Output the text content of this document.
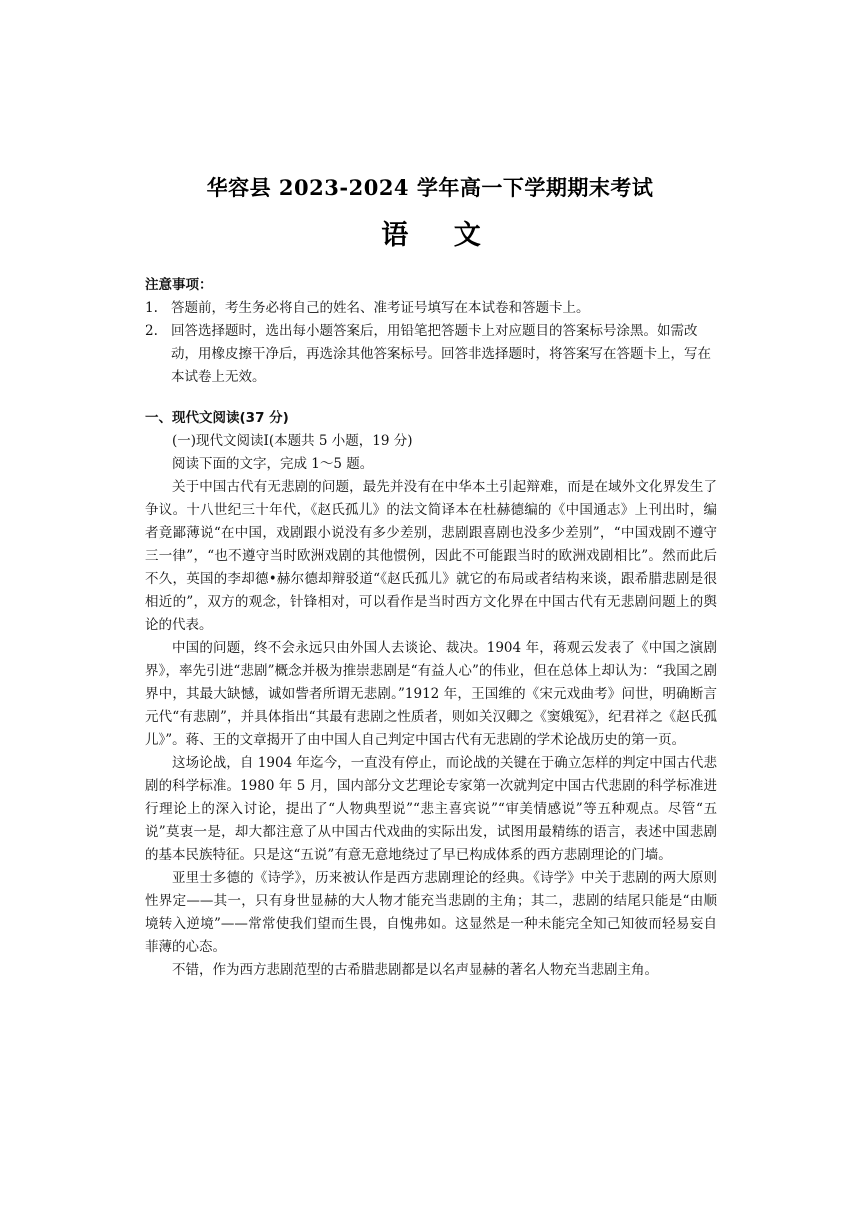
华容县 2023-2024 学年高一下学期期末考试
语 文

注意事项：

1. 答题前，考生务必将自己的姓名、准考证号填写在本试卷和答题卡上。
2. 回答选择题时，选出每小题答案后，用铅笔把答题卡上对应题目的答案标号涂黑。如需改动，用橡皮擦干净后，再选涂其他答案标号。回答非选择题时，将答案写在答题卡上，写在本试卷上无效。
一、现代文阅读(37 分)
(一)现代文阅读Ⅰ(本题共 5 小题，19 分)
阅读下面的文字，完成 1～5 题。

关于中国古代有无悲剧的问题，最先并没有在中华本土引起辩难，而是在域外文化界发生了争议。十八世纪三十年代，《赵氏孤儿》的法文简译本在杜赫德编的《中国通志》上刊出时，编者竟鄙薄说“在中国，戏剧跟小说没有多少差别，悲剧跟喜剧也没多少差别”，“中国戏剧不遵守三一律”，“也不遵守当时欧洲戏剧的其他惯例，因此不可能跟当时的欧洲戏剧相比”。然而此后不久，英国的李却德•赫尔德却辩驳道“《赵氏孤儿》就它的布局或者结构来谈，跟希腊悲剧是很相近的”，双方的观念，针锋相对，可以看作是当时西方文化界在中国古代有无悲剧问题上的舆论的代表。

中国的问题，终不会永远只由外国人去谈论、裁决。1904 年，蒋观云发表了《中国之演剧界》，率先引进“悲剧”概念并极为推崇悲剧是“有益人心”的伟业，但在总体上却认为：“我国之剧界中，其最大缺憾，诚如訾者所谓无悲剧。”1912 年，王国维的《宋元戏曲考》问世，明确断言元代“有悲剧”，并具体指出“其最有悲剧之性质者，则如关汉卿之《窦娥冤》，纪君祥之《赵氏孤儿》”。蒋、王的文章揭开了由中国人自己判定中国古代有无悲剧的学术论战历史的第一页。

这场论战，自 1904 年迄今，一直没有停止，而论战的关键在于确立怎样的判定中国古代悲剧的科学标准。1980 年 5 月，国内部分文艺理论专家第一次就判定中国古代悲剧的科学标准进行理论上的深入讨论，提出了“人物典型说”“悲主喜宾说”“审美情感说”等五种观点。尽管“五说”莫衷一是，却大都注意了从中国古代戏曲的实际出发，试图用最精练的语言，表述中国悲剧的基本民族特征。只是这“五说”有意无意地绕过了早已构成体系的西方悲剧理论的门墙。

亚里士多德的《诗学》，历来被认作是西方悲剧理论的经典。《诗学》中关于悲剧的两大原则性界定——其一，只有身世显赫的大人物才能充当悲剧的主角；其二，悲剧的结尾只能是“由顺境转入逆境”——常常使我们望而生畏，自愧弗如。这显然是一种未能完全知己知彼而轻易妄自菲薄的心态。

不错，作为西方悲剧范型的古希腊悲剧都是以名声显赫的著名人物充当悲剧主角。
